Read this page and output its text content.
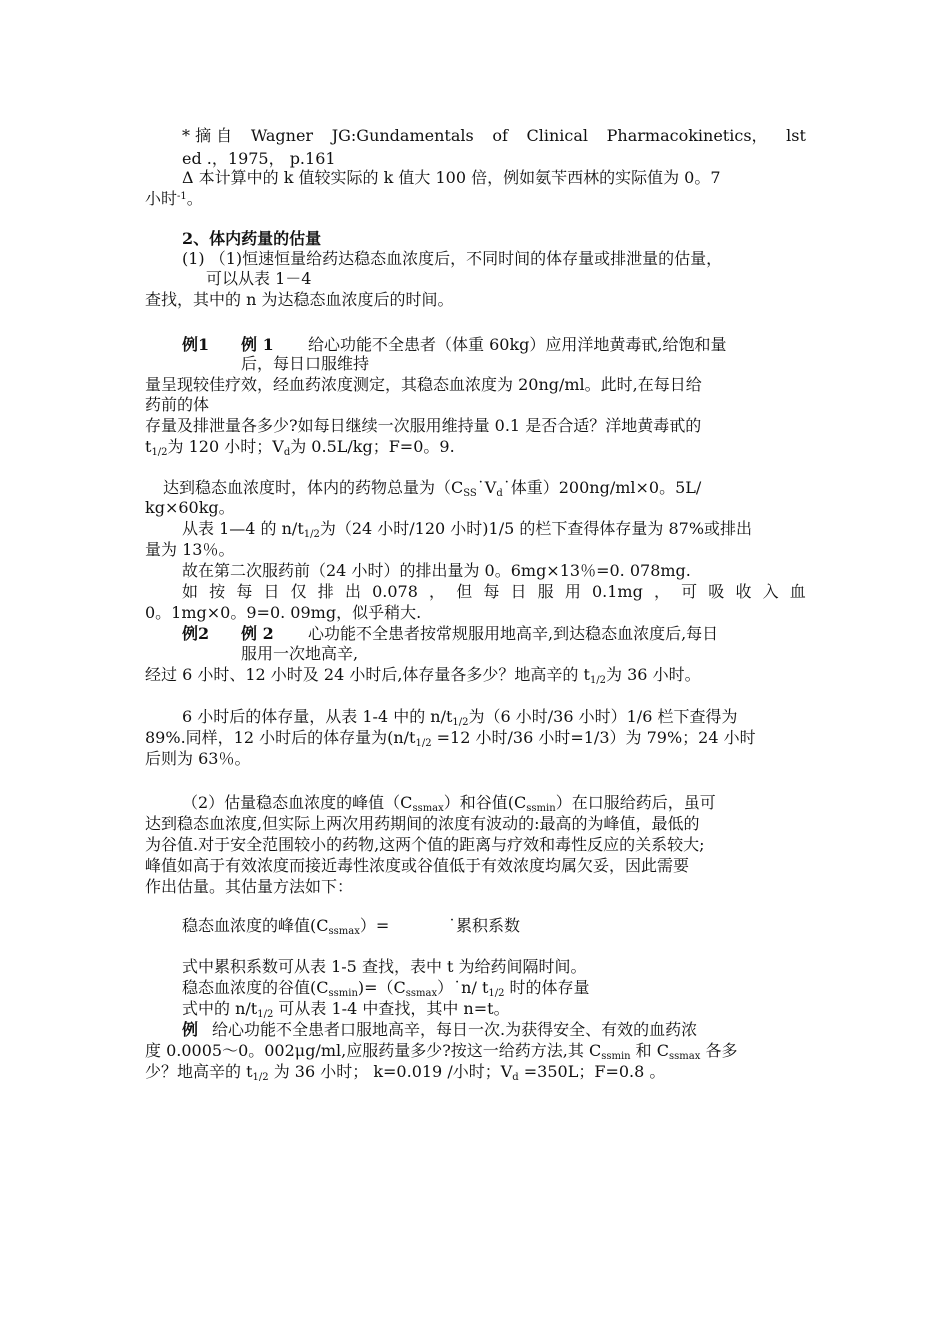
* 摘 自 Wagner JG:Gundamentals of Clinical Pharmacokinetics， lst
ed .，1975， p.161
Δ 本计算中的 k 值较实际的 k 值大 100 倍，例如氨苄西林的实际值为 0。7
小时$^{-1}$。
2、体内药量的估量
(1) （1)恒速恒量给药达稳态血浓度后，不同时间的体存量或排泄量的估量，
可以从表 1－4
查找，其中的 n 为达稳态血浓度后的时间。
例1 例 1 给心功能不全患者（体重 60kg）应用洋地黄毒甙,给饱和量
后，每日口服维持
量呈现较佳疗效，经血药浓度测定，其稳态血浓度为 20ng/ml。此时,在每日给
药前的体
存量及排泄量各多少?如每日继续一次服用维持量 0.1 是否合适？洋地黄毒甙的
$t_{1/2}$为 120 小时；$V_d$为 0.5L/kg；F=0。9.
达到稳态血浓度时，体内的药物总量为（$C_{SS}˙V_d˙$体重）200ng/ml×0。5L/
kg×60kg。
从表 1—4 的 $n/t_{1/2}$为（24 小时/120 小时)1/5 的栏下查得体存量为 87%或排出
量为 13％。
故在第二次服药前（24 小时）的排出量为 0。6mg×13％=0. 078mg.
如 按 每 日 仅 排 出 0.078 ， 但 每 日 服 用 0.1mg ， 可 吸 收 入 血
0。1mg×0。9=0. 09mg，似乎稍大.
例2 例 2 心功能不全患者按常规服用地高辛,到达稳态血浓度后,每日
服用一次地高辛,
经过 6 小时、12 小时及 24 小时后,体存量各多少？地高辛的 $t_{1/2}$为 36 小时。
6 小时后的体存量，从表 1-4 中的 $n/t_{1/2}$为（6 小时/36 小时）1/6 栏下查得为
89%.同样，12 小时后的体存量为($n/t_{1/2} =12$ 小时/36 小时=1/3）为 79%；24 小时
后则为 63％。
（2）估量稳态血浓度的峰值$(C_{ssmax})$和谷值$(C_{ssmin})$在口服给药后，虽可
达到稳态血浓度,但实际上两次用药期间的浓度有波动的:最高的为峰值，最低的
为谷值.对于安全范围较小的药物,这两个值的距离与疗效和毒性反应的关系较大;
峰值如高于有效浓度而接近毒性浓度或谷值低于有效浓度均属欠妥，因此需要
作出估量。其估量方法如下：
稳态血浓度的峰值$(C_{ssmax})=$	˙累积系数
式中累积系数可从表 1-5 查找，表中 t 为给药间隔时间。
稳态血浓度的谷值$(C_{ssmin})=(C_{ssmax})˙n/$ $t_{1/2}$ 时的体存量
式中的 $n/t_{1/2}$ 可从表 1-4 中查找，其中 n=t。
例 给心功能不全患者口服地高辛，每日一次.为获得安全、有效的血药浓
度 0.0005～0。002μg/ml,应服药量多少?按这一给药方法,其 $C_{ssmin}$ 和 $C_{ssmax}$ 各多
少？地高辛的 $t_{1/2}$ 为 36 小时； k=0.019 /小时；$V_d =350L$；F=0.8 。
